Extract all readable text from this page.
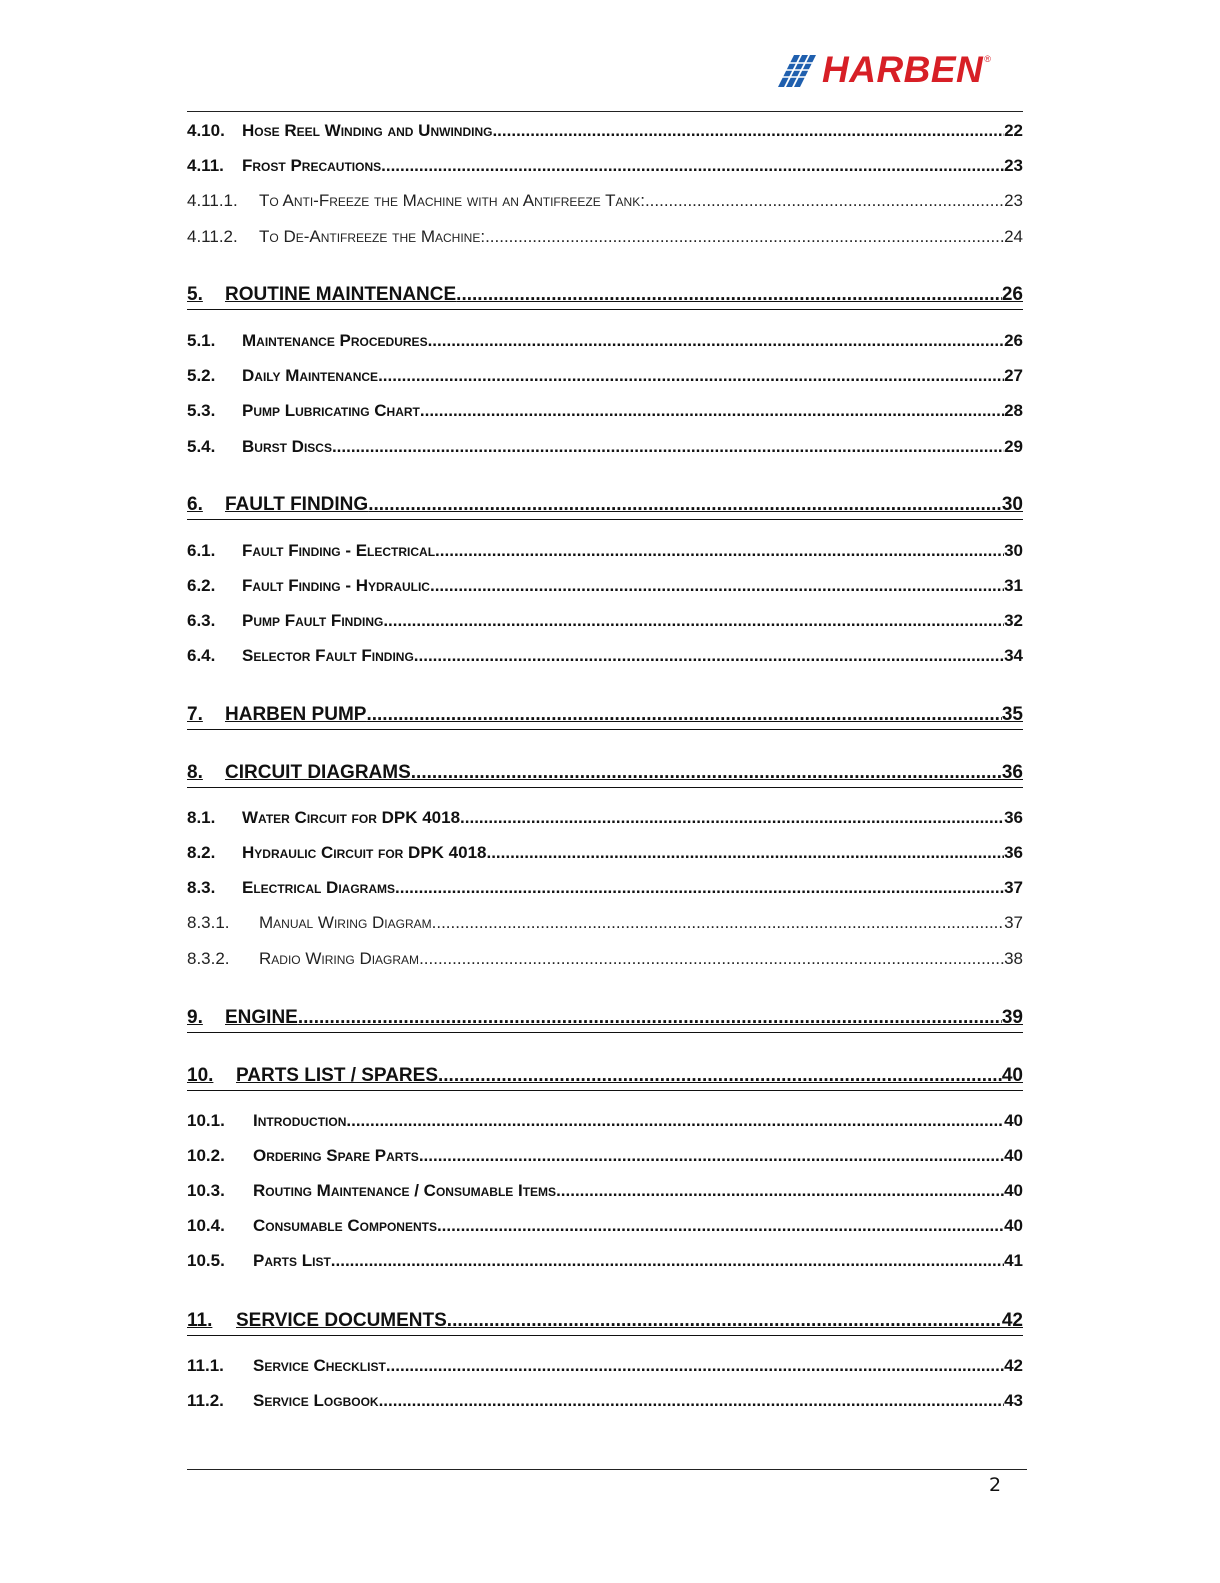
HARBEN ®
4.10.	Hose Reel Winding and Unwinding .....	22
4.11.	Frost Precautions .....	23
4.11.1.	To Anti-Freeze the Machine with an Antifreeze Tank: .....	23
4.11.2.	To De-Antifreeze the Machine: .....	24
5.	ROUTINE MAINTENANCE .....	26
5.1.	Maintenance Procedures .....	26
5.2.	Daily Maintenance .....	27
5.3.	Pump Lubricating Chart .....	28
5.4.	Burst Discs .....	29
6.	FAULT FINDING .....	30
6.1.	Fault Finding - Electrical .....	30
6.2.	Fault Finding - Hydraulic .....	31
6.3.	Pump Fault Finding .....	32
6.4.	Selector Fault Finding .....	34
7.	HARBEN PUMP .....	35
8.	CIRCUIT DIAGRAMS .....	36
8.1.	Water Circuit for DPK 4018 .....	36
8.2.	Hydraulic Circuit for DPK 4018 .....	36
8.3.	Electrical Diagrams .....	37
8.3.1.	Manual Wiring Diagram .....	37
8.3.2.	Radio Wiring Diagram .....	38
9.	ENGINE .....	39
10.	PARTS LIST / SPARES .....	40
10.1.	Introduction .....	40
10.2.	Ordering Spare Parts .....	40
10.3.	Routing Maintenance / Consumable Items .....	40
10.4.	Consumable Components .....	40
10.5.	Parts List .....	41
11.	SERVICE DOCUMENTS .....	42
11.1.	Service Checklist .....	42
11.2.	Service Logbook .....	43
2
